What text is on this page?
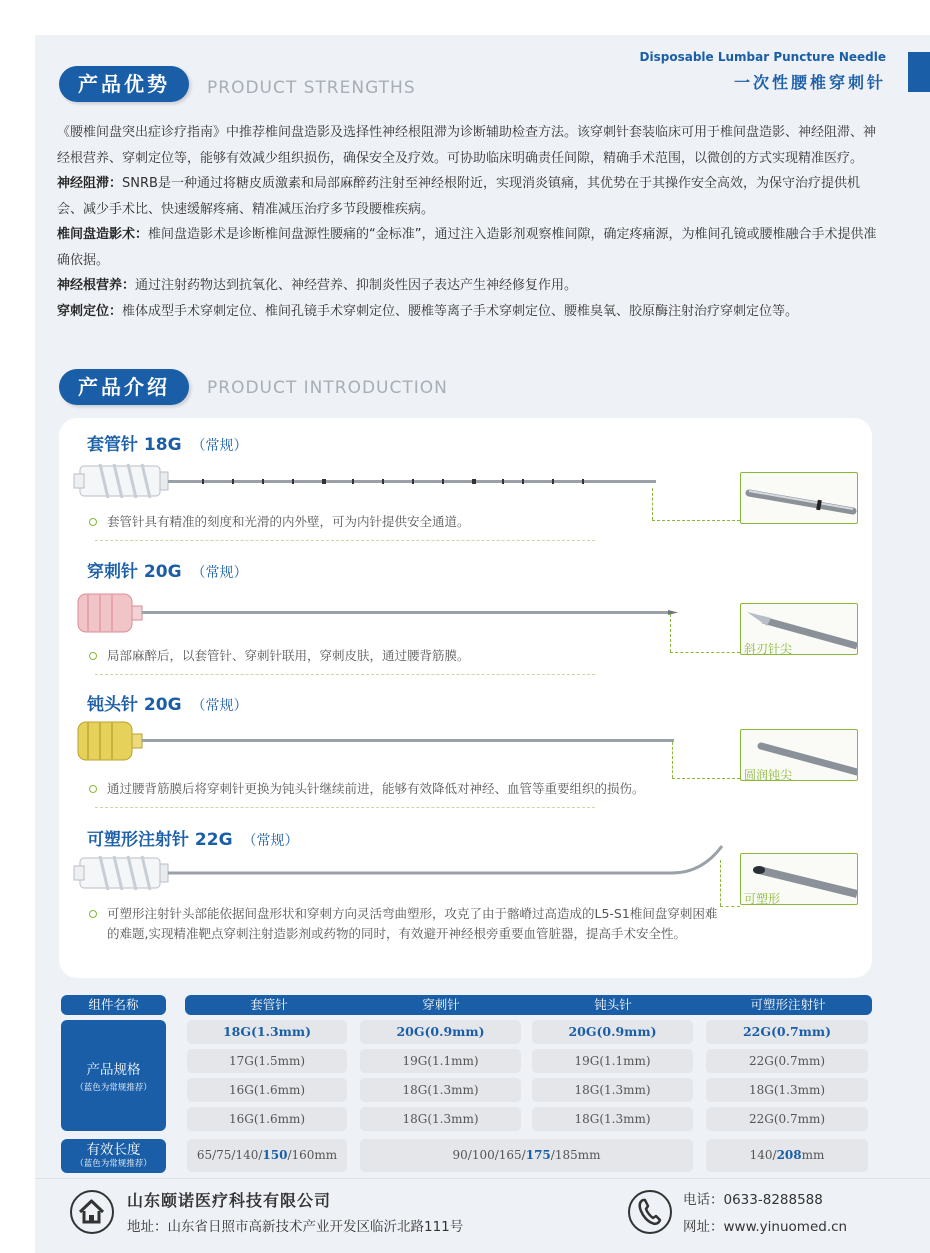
Disposable Lumbar Puncture Needle
一次性腰椎穿刺针
产品优势	PRODUCT STRENGTHS

《腰椎间盘突出症诊疗指南》中推荐椎间盘造影及选择性神经根阻滞为诊断辅助检查方法。该穿刺针套装临床可用于椎间盘造影、神经阻滞、神经根营养、穿刺定位等，能够有效减少组织损伤，确保安全及疗效。可协助临床明确责任间隙，精确手术范围，以微创的方式实现精准医疗。

神经阻滞：SNRB是一种通过将糖皮质激素和局部麻醉药注射至神经根附近，实现消炎镇痛，其优势在于其操作安全高效，为保守治疗提供机会、减少手术比、快速缓解疼痛、精准减压治疗多节段腰椎疾病。

椎间盘造影术：椎间盘造影术是诊断椎间盘源性腰痛的“金标准”，通过注入造影剂观察椎间隙，确定疼痛源，为椎间孔镜或腰椎融合手术提供准确依据。

神经根营养：通过注射药物达到抗氧化、神经营养、抑制炎性因子表达产生神经修复作用。

穿刺定位：椎体成型手术穿刺定位、椎间孔镜手术穿刺定位、腰椎等离子手术穿刺定位、腰椎臭氧、胶原酶注射治疗穿刺定位等。

产品介绍	PRODUCT INTRODUCTION
套管针 18G （常规）
套管针具有精准的刻度和光滑的内外壁，可为内针提供安全通道。
穿刺针 20G （常规）
斜刃针尖
局部麻醉后，以套管针、穿刺针联用，穿刺皮肤，通过腰背筋膜。
钝头针 20G （常规）
圆润钝尖
通过腰背筋膜后将穿刺针更换为钝头针继续前进，能够有效降低对神经、血管等重要组织的损伤。
可塑形注射针 22G （常规）
可塑形
可塑形注射针头部能依据间盘形状和穿刺方向灵活弯曲塑形，攻克了由于髂嵴过高造成的L5-S1椎间盘穿刺困难的难题,实现精准靶点穿刺注射造影剂或药物的同时，有效避开神经根旁重要血管脏器，提高手术安全性。
组件名称	套管针	穿刺针	钝头针	可塑形注射针
产品规格
（蓝色为常规推荐）
18G(1.3mm)	20G(0.9mm)	20G(0.9mm)	22G(0.7mm)
17G(1.5mm)	19G(1.1mm)	19G(1.1mm)	22G(0.7mm)
16G(1.6mm)	18G(1.3mm)	18G(1.3mm)	18G(1.3mm)
16G(1.6mm)	18G(1.3mm)	18G(1.3mm)	22G(0.7mm)
有效长度
（蓝色为常规推荐）
65/75/140/150/160mm	90/100/165/175/185mm	140/208mm
山东颐诺医疗科技有限公司
地址：山东省日照市高新技术产业开发区临沂北路111号
电话：0633-8288588
网址：www.yinuomed.cn
